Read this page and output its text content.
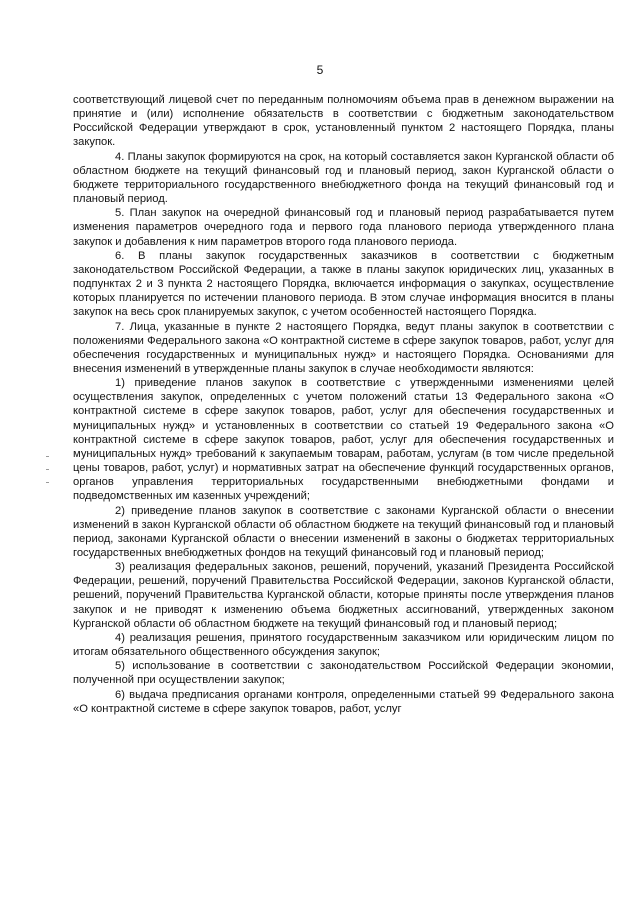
5

соответствующий лицевой счет по переданным полномочиям объема прав в денежном выражении на принятие и (или) исполнение обязательств в соответствии с бюджетным законодательством Российской Федерации утверждают в срок, установленный пунктом 2 настоящего Порядка, планы закупок.

4. Планы закупок формируются на срок, на который составляется закон Курганской области об областном бюджете на текущий финансовый год и плановый период, закон Курганской области о бюджете территориального государственного внебюджетного фонда на текущий финансовый год и плановый период.

5. План закупок на очередной финансовый год и плановый период разрабатывается путем изменения параметров очередного года и первого года планового периода утвержденного плана закупок и добавления к ним параметров второго года планового периода.

6. В планы закупок государственных заказчиков в соответствии с бюджетным законодательством Российской Федерации, а также в планы закупок юридических лиц, указанных в подпунктах 2 и 3 пункта 2 настоящего Порядка, включается информация о закупках, осуществление которых планируется по истечении планового периода. В этом случае информация вносится в планы закупок на весь срок планируемых закупок, с учетом особенностей настоящего Порядка.

7. Лица, указанные в пункте 2 настоящего Порядка, ведут планы закупок в соответствии с положениями Федерального закона «О контрактной системе в сфере закупок товаров, работ, услуг для обеспечения государственных и муниципальных нужд» и настоящего Порядка. Основаниями для внесения изменений в утвержденные планы закупок в случае необходимости являются:

1) приведение планов закупок в соответствие с утвержденными изменениями целей осуществления закупок, определенных с учетом положений статьи 13 Федерального закона «О контрактной системе в сфере закупок товаров, работ, услуг для обеспечения государственных и муниципальных нужд» и установленных в соответствии со статьей 19 Федерального закона «О контрактной системе в сфере закупок товаров, работ, услуг для обеспечения государственных и муниципальных нужд» требований к закупаемым товарам, работам, услугам (в том числе предельной цены товаров, работ, услуг) и нормативных затрат на обеспечение функций государственных органов, органов управления территориальных государственными внебюджетными фондами и подведомственных им казенных учреждений;

2) приведение планов закупок в соответствие с законами Курганской области о внесении изменений в закон Курганской области об областном бюджете на текущий финансовый год и плановый период, законами Курганской области о внесении изменений в законы о бюджетах территориальных государственных внебюджетных фондов на текущий финансовый год и плановый период;

3) реализация федеральных законов, решений, поручений, указаний Президента Российской Федерации, решений, поручений Правительства Российской Федерации, законов Курганской области, решений, поручений Правительства Курганской области, которые приняты после утверждения планов закупок и не приводят к изменению объема бюджетных ассигнований, утвержденных законом Курганской области об областном бюджете на текущий финансовый год и плановый период;

4) реализация решения, принятого государственным заказчиком или юридическим лицом по итогам обязательного общественного обсуждения закупок;

5) использование в соответствии с законодательством Российской Федерации экономии, полученной при осуществлении закупок;

6) выдача предписания органами контроля, определенными статьей 99 Федерального закона «О контрактной системе в сфере закупок товаров, работ, услуг
